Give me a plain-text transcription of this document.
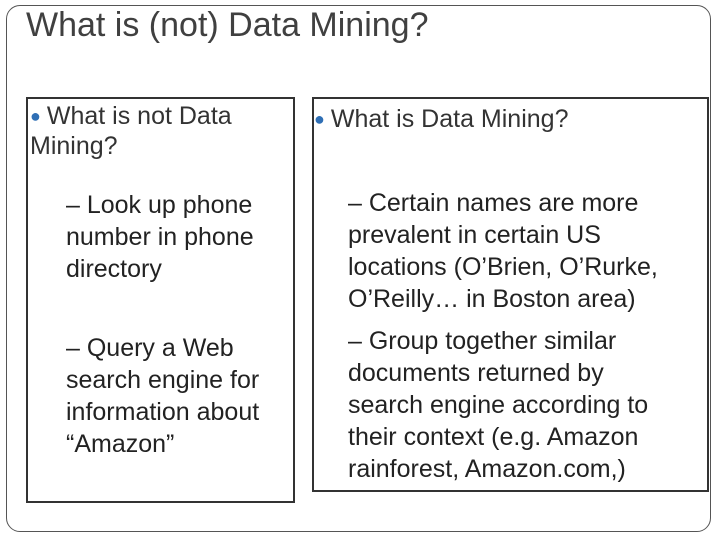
What is (not) Data Mining?
● What is not Data
Mining?
– Look up phone
number in phone
directory
– Query a Web
search engine for
information about
“Amazon”
● What is Data Mining?
– Certain names are more
prevalent in certain US
locations (O’Brien, O’Rurke,
O’Reilly… in Boston area)
– Group together similar
documents returned by
search engine according to
their context (e.g. Amazon
rainforest, Amazon.com,)
